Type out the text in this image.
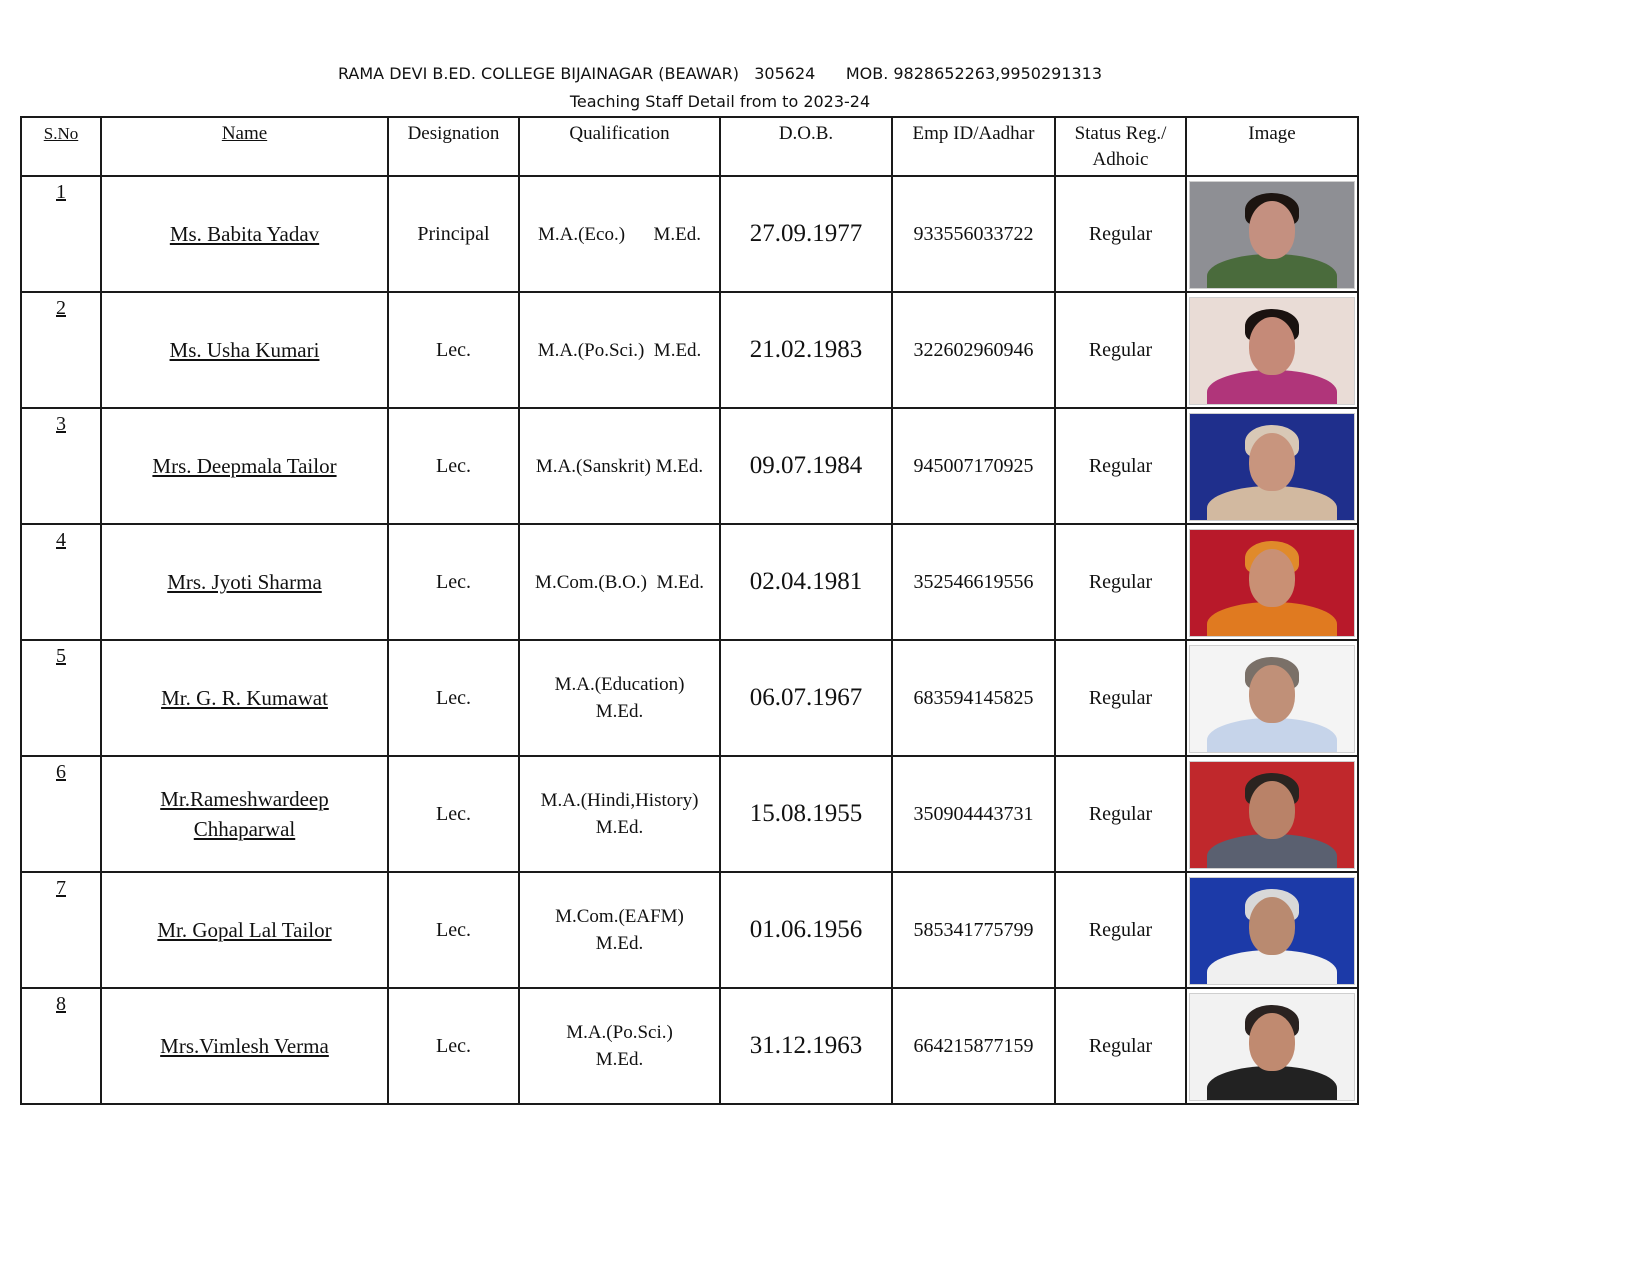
RAMA DEVI B.ED. COLLEGE BIJAINAGAR (BEAWAR) 305624 MOB. 9828652263,9950291313
Teaching Staff Detail from to 2023-24
S.No	Name	Designation	Qualification	D.O.B.	Emp ID/Aadhar	Status Reg./
Adhoic	Image
1	Ms. Babita Yadav	Principal	M.A.(Eco.)      M.Ed.	27.09.1977	933556033722	Regular	

2	Ms. Usha Kumari	Lec.	M.A.(Po.Sci.)  M.Ed.	21.02.1983	322602960946	Regular	

3	Mrs. Deepmala Tailor	Lec.	M.A.(Sanskrit) M.Ed.	09.07.1984	945007170925	Regular	

4	Mrs. Jyoti Sharma	Lec.	M.Com.(B.O.)  M.Ed.	02.04.1981	352546619556	Regular	

5	Mr. G. R. Kumawat	Lec.	M.A.(Education)
M.Ed.	06.07.1967	683594145825	Regular	

6	Mr.Rameshwardeep
Chhaparwal	Lec.	M.A.(Hindi,History)
M.Ed.	15.08.1955	350904443731	Regular	

7	Mr. Gopal Lal Tailor	Lec.	M.Com.(EAFM)
M.Ed.	01.06.1956	585341775799	Regular	

8	Mrs.Vimlesh Verma	Lec.	M.A.(Po.Sci.)
M.Ed.	31.12.1963	664215877159	Regular	
